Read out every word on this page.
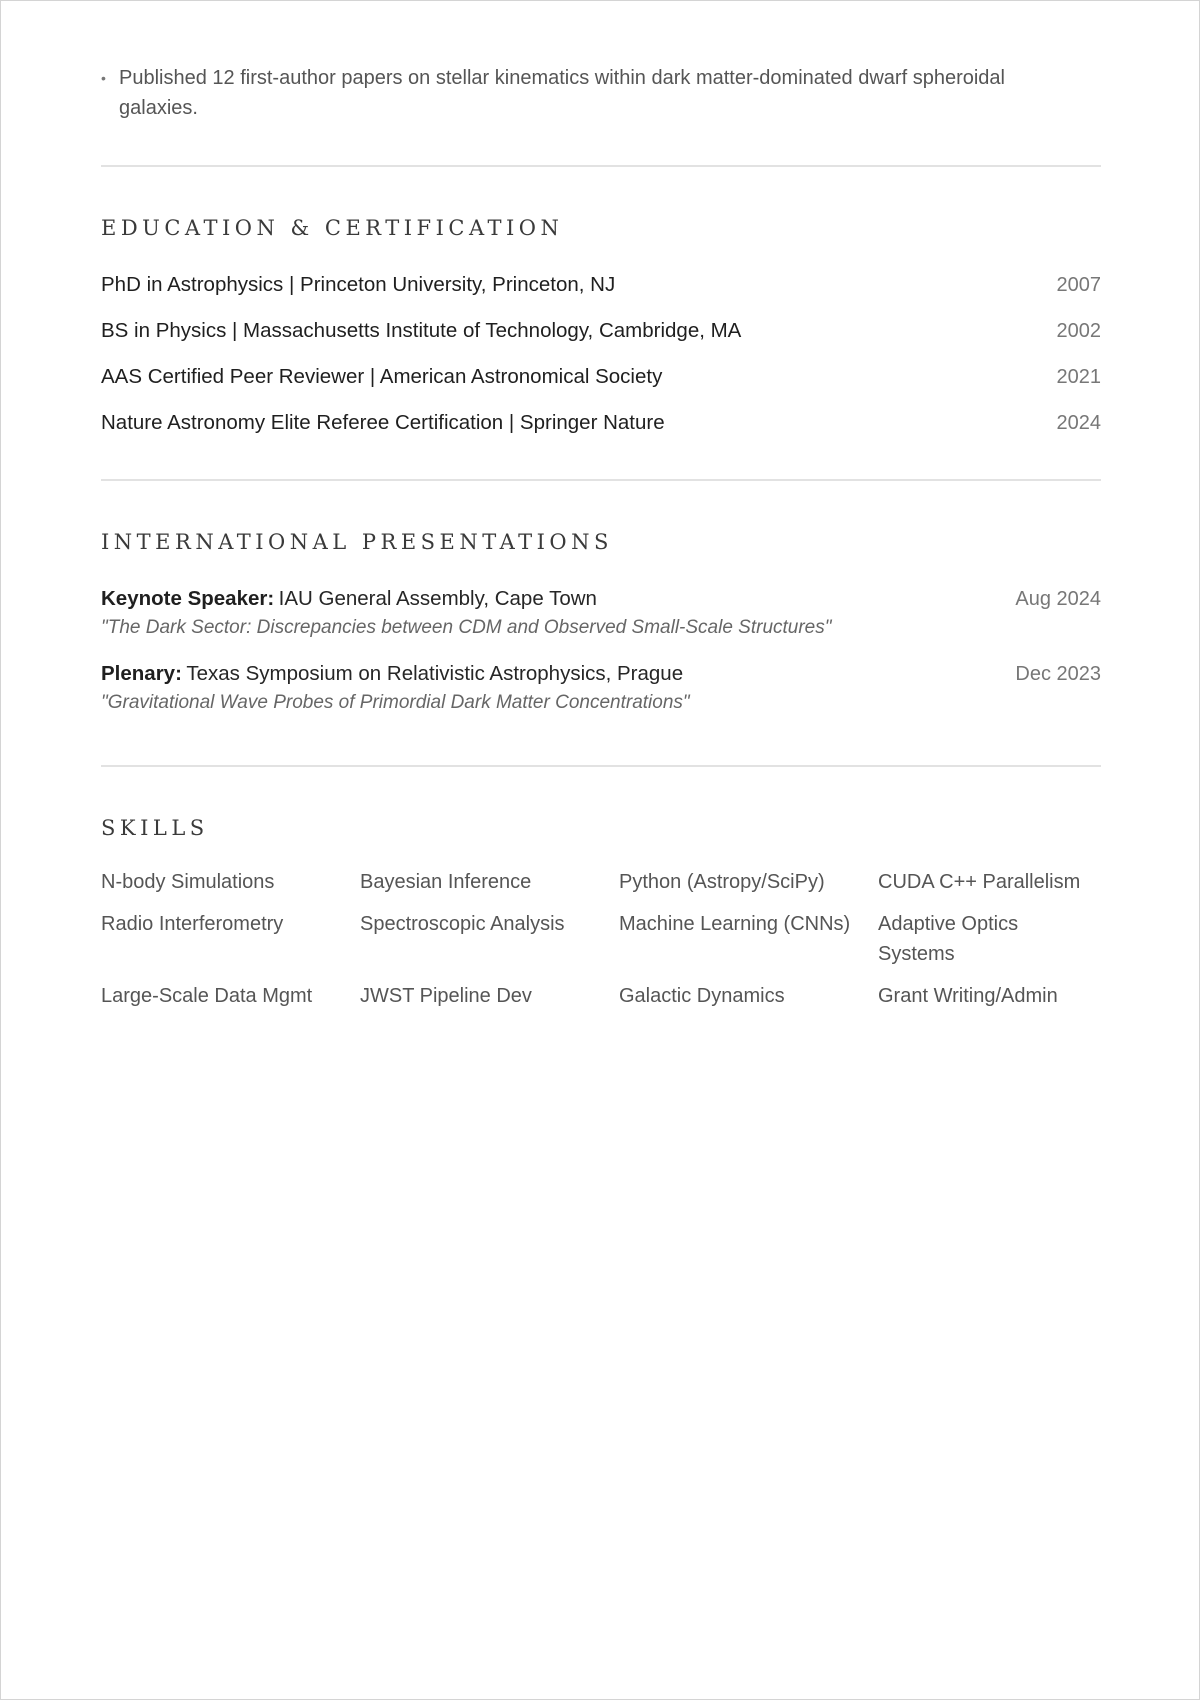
• Published 12 first-author papers on stellar kinematics within dark matter-dominated dwarf spheroidal galaxies.
EDUCATION & CERTIFICATION
PhD in Astrophysics | Princeton University, Princeton, NJ	2007
BS in Physics | Massachusetts Institute of Technology, Cambridge, MA	2002
AAS Certified Peer Reviewer | American Astronomical Society	2021
Nature Astronomy Elite Referee Certification | Springer Nature	2024
INTERNATIONAL PRESENTATIONS
Keynote Speaker: IAU General Assembly, Cape Town	Aug 2024
"The Dark Sector: Discrepancies between CDM and Observed Small-Scale Structures"
Plenary: Texas Symposium on Relativistic Astrophysics, Prague	Dec 2023
"Gravitational Wave Probes of Primordial Dark Matter Concentrations"
SKILLS
N-body Simulations	Bayesian Inference	Python (Astropy/SciPy)	CUDA C++ Parallelism
Radio Interferometry	Spectroscopic Analysis	Machine Learning (CNNs)	Adaptive Optics Systems
Large-Scale Data Mgmt	JWST Pipeline Dev	Galactic Dynamics	Grant Writing/Admin
